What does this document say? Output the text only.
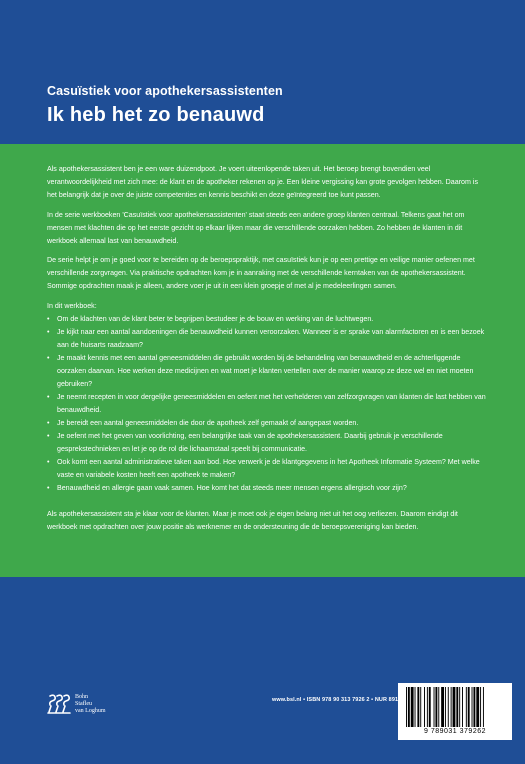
Casuïstiek voor apothekersassistenten
Ik heb het zo benauwd

Als apothekersassistent ben je een ware duizendpoot. Je voert uiteenlopende taken uit. Het beroep brengt bovendien veel verantwoordelijkheid met zich mee: de klant en de apotheker rekenen op je. Een kleine vergissing kan grote gevolgen hebben. Daarom is het belangrijk dat je over de juiste competenties en kennis beschikt en deze geïntegreerd toe kunt passen.

In de serie werkboeken 'Casuïstiek voor apothekersassistenten' staat steeds een andere groep klanten centraal. Telkens gaat het om mensen met klachten die op het eerste gezicht op elkaar lijken maar die verschillende oorzaken hebben. Zo hebben de klanten in dit werkboek allemaal last van benauwdheid.

De serie helpt je om je goed voor te bereiden op de beroepspraktijk, met casuïstiek kun je op een prettige en veilige manier oefenen met verschillende zorgvragen. Via praktische opdrachten kom je in aanraking met de verschillende kerntaken van de apothekersassistent. Sommige opdrachten maak je alleen, andere voer je uit in een klein groepje of met al je medeleerlingen samen.

In dit werkboek:

• Om de klachten van de klant beter te begrijpen bestudeer je de bouw en werking van de luchtwegen.
• Je kijkt naar een aantal aandoeningen die benauwdheid kunnen veroorzaken. Wanneer is er sprake van alarmfactoren en is een bezoek aan de huisarts raadzaam?
• Je maakt kennis met een aantal geneesmiddelen die gebruikt worden bij de behandeling van benauwdheid en de achterliggende oorzaken daarvan. Hoe werken deze medicijnen en wat moet je klanten vertellen over de manier waarop ze deze wel en niet moeten gebruiken?
• Je neemt recepten in voor dergelijke geneesmiddelen en oefent met het verhelderen van zelfzorgvragen van klanten die last hebben van benauwdheid.
• Je bereidt een aantal geneesmiddelen die door de apotheek zelf gemaakt of aangepast worden.
• Je oefent met het geven van voorlichting, een belangrijke taak van de apothekersassistent. Daarbij gebruik je verschillende gesprekstechnieken en let je op de rol die lichaamstaal speelt bij communicatie.
• Ook komt een aantal administratieve taken aan bod. Hoe verwerk je de klantgegevens in het Apotheek Informatie Systeem? Met welke vaste en variabele kosten heeft een apotheek te maken?
• Benauwdheid en allergie gaan vaak samen. Hoe komt het dat steeds meer mensen ergens allergisch voor zijn?

Als apothekersassistent sta je klaar voor de klanten. Maar je moet ook je eigen belang niet uit het oog verliezen. Daarom eindigt dit werkboek met opdrachten over jouw positie als werknemer en de ondersteuning die de beroepsvereniging kan bieden.

Bohn
Stafleu
van Loghum
www.bsl.nl • ISBN 978 90 313 7926 2 • NUR 891
9 789031 379262
